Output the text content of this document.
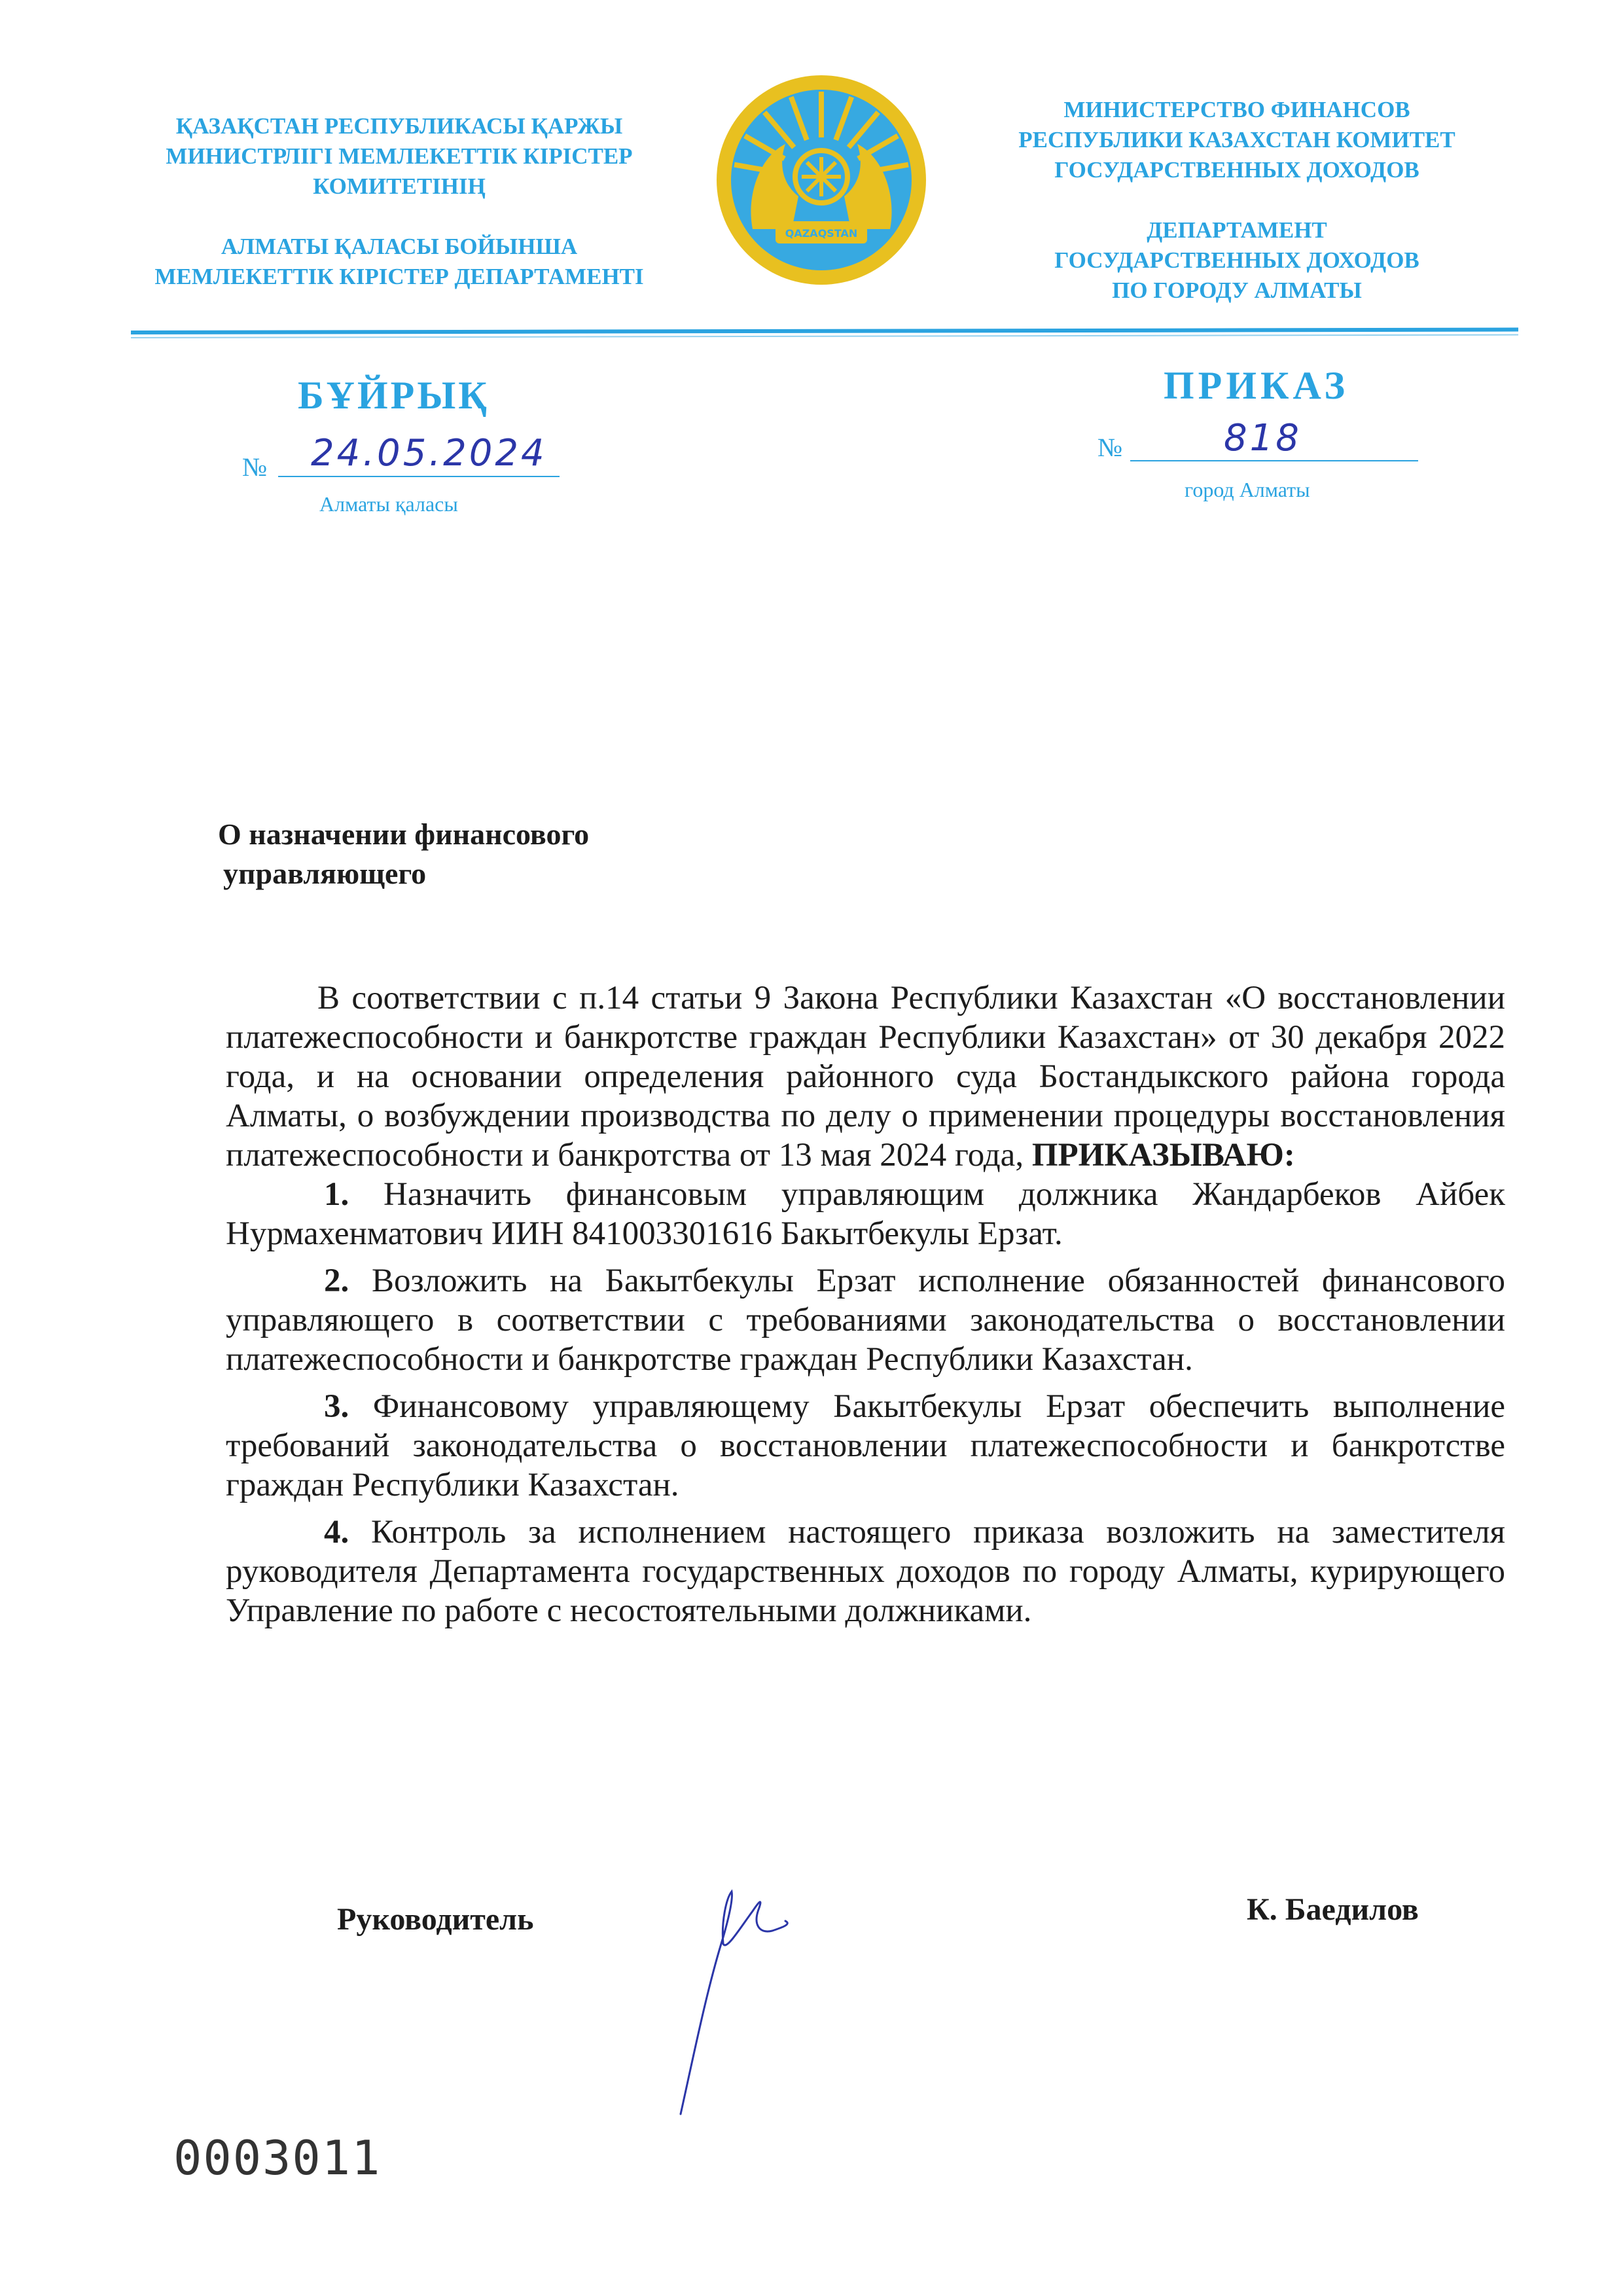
ҚАЗАҚСТАН РЕСПУБЛИКАСЫ ҚАРЖЫ
МИНИСТРЛІГІ МЕМЛЕКЕТТІК КІРІСТЕР
КОМИТЕТІНІҢ
АЛМАТЫ ҚАЛАСЫ БОЙЫНША
МЕМЛЕКЕТТІК КІРІСТЕР ДЕПАРТАМЕНТІ
QAZAQSTAN
МИНИСТЕРСТВО ФИНАНСОВ
РЕСПУБЛИКИ КАЗАХСТАН КОМИТЕТ
ГОСУДАРСТВЕННЫХ ДОХОДОВ
ДЕПАРТАМЕНТ
ГОСУДАРСТВЕННЫХ ДОХОДОВ
ПО ГОРОДУ АЛМАТЫ
БҰЙРЫҚ	ПРИКАЗ
№ 24.05.2024
Алматы қаласы
№	818
город Алматы
О назначении финансового
управляющего

В соответствии с п.14 статьи 9 Закона Республики Казахстан «О восстановлении платежеспособности и банкротстве граждан Республики Казахстан» от 30 декабря 2022 года, и на основании определения районного суда Бостандыкского района города Алматы, о возбуждении производства по делу о применении процедуры восстановления платежеспособности и банкротства от 13 мая 2024 года, ПРИКАЗЫВАЮ:

1. Назначить финансовым управляющим должника Жандарбеков Айбек Нурмахенматович ИИН 841003301616 Бакытбекулы Ерзат.

2. Возложить на Бакытбекулы Ерзат исполнение обязанностей финансового управляющего в соответствии с требованиями законодательства о восстановлении платежеспособности и банкротстве граждан Республики Казахстан.

3. Финансовому управляющему Бакытбекулы Ерзат обеспечить выполнение требований законодательства о восстановлении платежеспособности и банкротстве граждан Республики Казахстан.

4. Контроль за исполнением настоящего приказа возложить на заместителя руководителя Департамента государственных доходов по городу Алматы, курирующего Управление по работе с несостоятельными должниками.

Руководитель	К. Баедилов
0003011
